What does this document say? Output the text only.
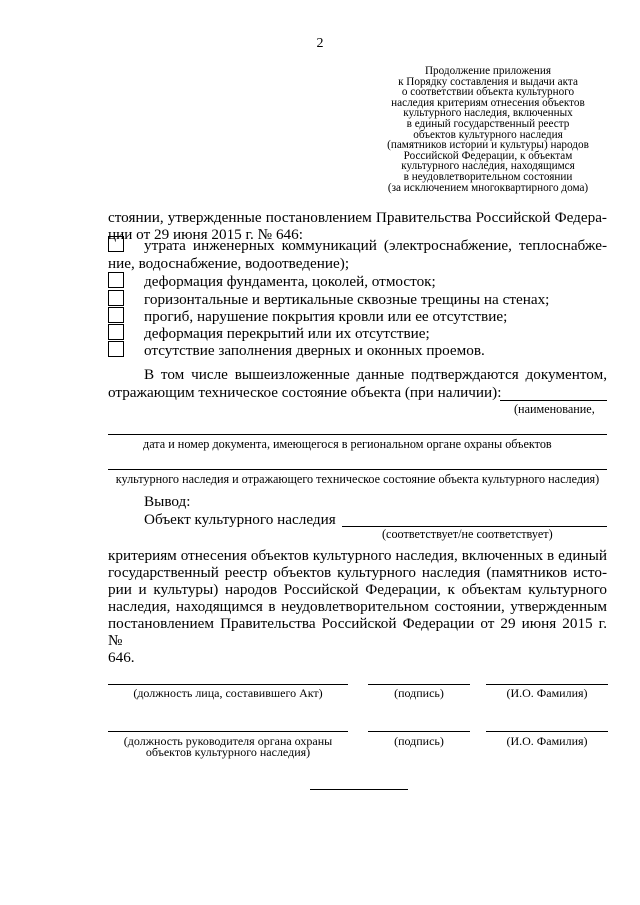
2
Продолжение приложения
к Порядку составления и выдачи акта
о соответствии объекта культурного
наследия критериям отнесения объектов
культурного наследия, включенных
в единый государственный реестр
объектов культурного наследия
(памятников истории и культуры) народов
Российской Федерации, к объектам
культурного наследия, находящимся
в неудовлетворительном состоянии
(за исключением многоквартирного дома)
стоянии, утвержденные постановлением Правительства Российской Федера-
ции от 29 июня 2015 г. № 646:
утрата инженерных коммуникаций (электроснабжение, теплоснабже-
ние, водоснабжение, водоотведение);
деформация фундамента, цоколей, отмосток;
горизонтальные и вертикальные сквозные трещины на стенах;
прогиб, нарушение покрытия кровли или ее отсутствие;
деформация перекрытий или их отсутствие;
отсутствие заполнения дверных и оконных проемов.
В том числе вышеизложенные данные подтверждаются документом,
отражающим техническое состояние объекта (при наличии):
(наименование,
дата и номер документа, имеющегося в региональном органе охраны объектов
культурного наследия и отражающего техническое состояние объекта культурного наследия)
Вывод:
Объект культурного наследия
(соответствует/не соответствует)
критериям отнесения объектов культурного наследия, включенных в единый
государственный реестр объектов культурного наследия (памятников исто-
рии и культуры) народов Российской Федерации, к объектам культурного
наследия, находящимся в неудовлетворительном состоянии, утвержденным
постановлением Правительства Российской Федерации от 29 июня 2015 г. №
646.
(должность лица, составившего Акт)	(подпись)	(И.О. Фамилия)
(должность руководителя органа охраны
объектов культурного наследия)
(подпись)	(И.О. Фамилия)
